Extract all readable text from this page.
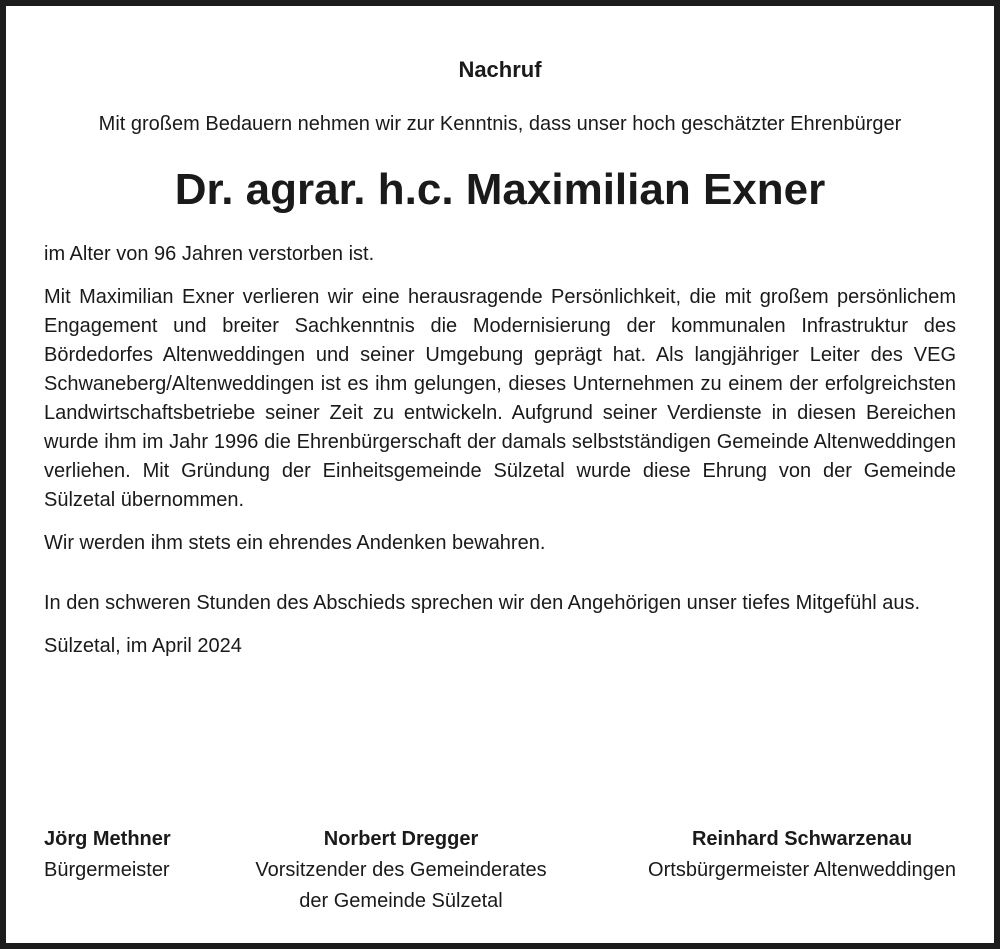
Nachruf

Mit großem Bedauern nehmen wir zur Kenntnis, dass unser hoch geschätzter Ehrenbürger

Dr. agrar. h.c. Maximilian Exner

im Alter von 96 Jahren verstorben ist.

Mit Maximilian Exner verlieren wir eine herausragende Persönlichkeit, die mit großem persönlichem Engagement und breiter Sachkenntnis die Modernisierung der kommunalen Infrastruktur des Bördedorfes Altenweddingen und seiner Umgebung geprägt hat. Als langjähriger Leiter des VEG Schwaneberg/Altenweddingen ist es ihm gelungen, dieses Unternehmen zu einem der erfolgreichsten Landwirtschaftsbetriebe seiner Zeit zu entwickeln. Aufgrund seiner Verdienste in diesen Bereichen wurde ihm im Jahr 1996 die Ehrenbürgerschaft der damals selbstständigen Gemeinde Altenweddingen verliehen. Mit Gründung der Einheitsgemeinde Sülzetal wurde diese Ehrung von der Gemeinde Sülzetal übernommen.

Wir werden ihm stets ein ehrendes Andenken bewahren.

In den schweren Stunden des Abschieds sprechen wir den Angehörigen unser tiefes Mitgefühl aus.

Sülzetal, im April 2024

Jörg Methner
Bürgermeister
Norbert Dregger
Vorsitzender des Gemeinderates
der Gemeinde Sülzetal
Reinhard Schwarzenau
Ortsbürgermeister Altenweddingen
